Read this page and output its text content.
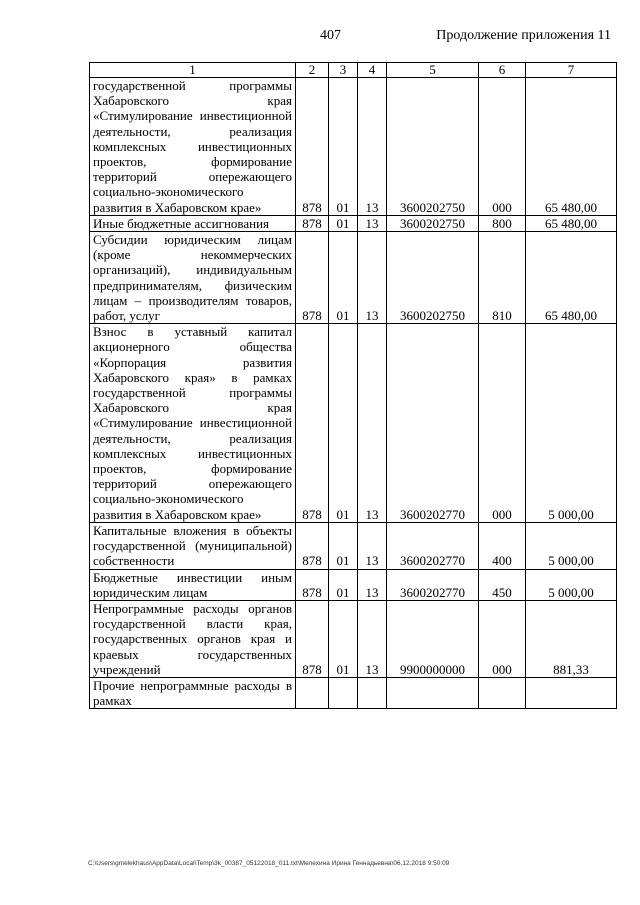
407	Продолжение приложения 11
1	2	3	4	5	6	7

государственной программы Хабаровского края «Стимулирование инвестиционной деятельности, реализация комплексных инвестиционных проектов, формирование территорий опережающего социально-экономического развития в Хабаровском крае»	878	01	13	3600202750	000	65 480,00

Иные бюджетные ассигнования	878	01	13	3600202750	800	65 480,00

Субсидии юридическим лицам (кроме некоммерческих организаций), индивидуальным предпринимателям, физическим лицам – производителям товаров, работ, услуг	878	01	13	3600202750	810	65 480,00

Взнос в уставный капитал акционерного общества «Корпорация развития Хабаровского края» в рамках государственной программы Хабаровского края «Стимулирование инвестиционной деятельности, реализация комплексных инвестиционных проектов, формирование территорий опережающего социально-экономического развития в Хабаровском крае»	878	01	13	3600202770	000	5 000,00

Капитальные вложения в объекты государственной (муниципальной) собственности	878	01	13	3600202770	400	5 000,00

Бюджетные инвестиции иным юридическим лицам	878	01	13	3600202770	450	5 000,00

Непрограммные расходы органов государственной власти края, государственных органов края и краевых государственных учреждений	878	01	13	9900000000	000	881,33

Прочие непрограммные расходы в рамках						

C:\Users\gmelekhaus\AppData\Local\Temp\3k_00387_05122018_011.txt\Мелехина Ирина Геннадьевна\06.12.2018 9:50:09
